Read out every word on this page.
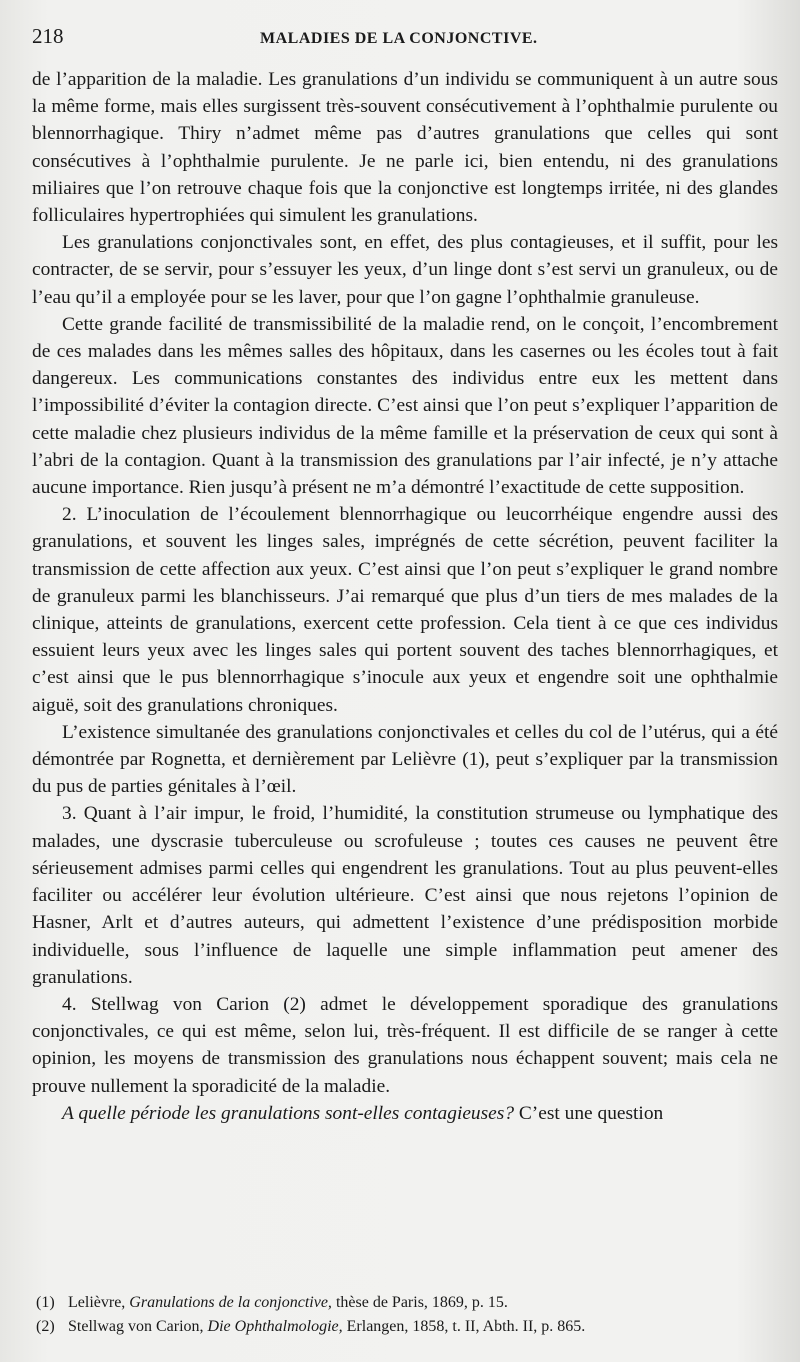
218	MALADIES DE LA CONJONCTIVE.

de l’apparition de la maladie. Les granulations d’un individu se communiquent à un autre sous la même forme, mais elles surgissent très-souvent consécutivement à l’ophthalmie purulente ou blennorrhagique. Thiry n’admet même pas d’autres granulations que celles qui sont consécutives à l’ophthalmie purulente. Je ne parle ici, bien entendu, ni des granulations miliaires que l’on retrouve chaque fois que la conjonctive est longtemps irritée, ni des glandes folliculaires hypertrophiées qui simulent les granulations.

Les granulations conjonctivales sont, en effet, des plus contagieuses, et il suffit, pour les contracter, de se servir, pour s’essuyer les yeux, d’un linge dont s’est servi un granuleux, ou de l’eau qu’il a employée pour se les laver, pour que l’on gagne l’ophthalmie granuleuse.

Cette grande facilité de transmissibilité de la maladie rend, on le conçoit, l’encombrement de ces malades dans les mêmes salles des hôpitaux, dans les casernes ou les écoles tout à fait dangereux. Les communications constantes des individus entre eux les mettent dans l’impossibilité d’éviter la contagion directe. C’est ainsi que l’on peut s’expliquer l’apparition de cette maladie chez plusieurs individus de la même famille et la préservation de ceux qui sont à l’abri de la contagion. Quant à la transmission des granulations par l’air infecté, je n’y attache aucune importance. Rien jusqu’à présent ne m’a démontré l’exactitude de cette supposition.

2. L’inoculation de l’écoulement blennorrhagique ou leucorrhéique engendre aussi des granulations, et souvent les linges sales, imprégnés de cette sécrétion, peuvent faciliter la transmission de cette affection aux yeux. C’est ainsi que l’on peut s’expliquer le grand nombre de granuleux parmi les blanchisseurs. J’ai remarqué que plus d’un tiers de mes malades de la clinique, atteints de granulations, exercent cette profession. Cela tient à ce que ces individus essuient leurs yeux avec les linges sales qui portent souvent des taches blennorrhagiques, et c’est ainsi que le pus blennorrhagique s’inocule aux yeux et engendre soit une ophthalmie aiguë, soit des granulations chroniques.

L’existence simultanée des granulations conjonctivales et celles du col de l’utérus, qui a été démontrée par Rognetta, et dernièrement par Lelièvre (1), peut s’expliquer par la transmission du pus de parties génitales à l’œil.

3. Quant à l’air impur, le froid, l’humidité, la constitution strumeuse ou lymphatique des malades, une dyscrasie tuberculeuse ou scrofuleuse ; toutes ces causes ne peuvent être sérieusement admises parmi celles qui engendrent les granulations. Tout au plus peuvent-elles faciliter ou accélérer leur évolution ultérieure. C’est ainsi que nous rejetons l’opinion de Hasner, Arlt et d’autres auteurs, qui admettent l’existence d’une prédisposition morbide individuelle, sous l’influence de laquelle une simple inflammation peut amener des granulations.

4. Stellwag von Carion (2) admet le développement sporadique des granulations conjonctivales, ce qui est même, selon lui, très-fréquent. Il est difficile de se ranger à cette opinion, les moyens de transmission des granulations nous échappent souvent; mais cela ne prouve nullement la sporadicité de la maladie.

A quelle période les granulations sont-elles contagieuses? C’est une question

(1) Lelièvre, Granulations de la conjonctive, thèse de Paris, 1869, p. 15.
(2) Stellwag von Carion, Die Ophthalmologie, Erlangen, 1858, t. II, Abth. II, p. 865.
